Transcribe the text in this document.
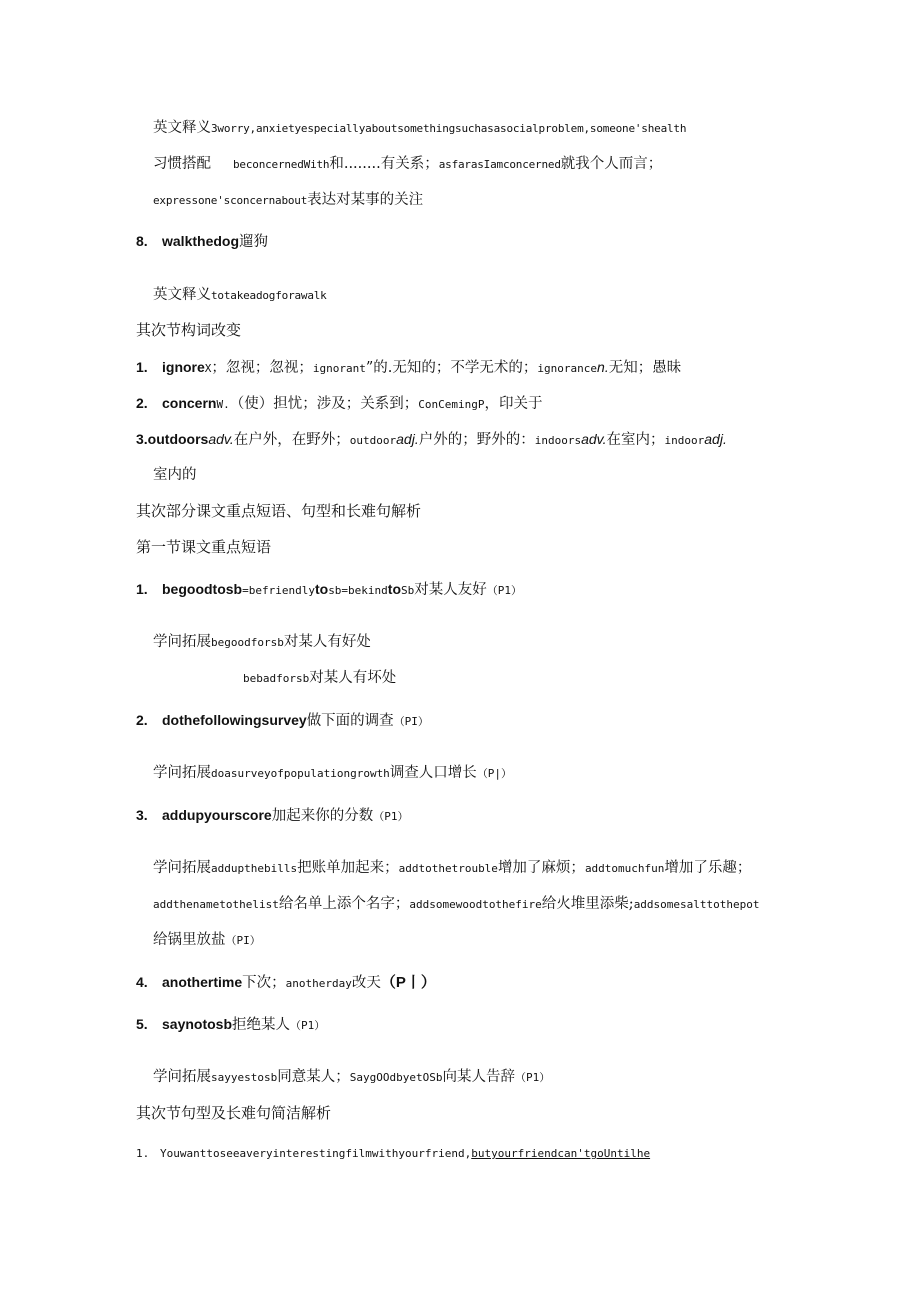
英文释义3worry,anxietyespeciallyaboutsomethingsuchasasocialproblem,someone'shealth
习惯搭配 beconcernedWith和........有关系；asfarasIamconcerned就我个人而言；
expressone'sconcernabout表达对某事的关注
8. walkthedog遛狗
英文释义totakeadogforawalk
其次节构词改变
1. ignoreX；忽视；忽视；ignorant”的.无知的；不学无术的；ignorancen.无知；愚昧
2. concernW.（使）担忧；涉及；关系到；ConCemingP，印关于
3.outdoorsadv.在户外，在野外；outdooradj.户外的；野外的：indoorsadv.在室内；indooradj.
室内的
其次部分课文重点短语、句型和长难句解析
第一节课文重点短语
1. begoodtosb=befriendlytosb=bekindtoSb对某人友好（P1）
学问拓展begoodforsb对某人有好处
bebadforsb对某人有坏处
2. dothefollowingsurvey做下面的调查（PI）
学问拓展doasurveyofpopulationgrowth调查人口增长（P|）
3. addupyourscore加起来你的分数（P1）
学问拓展addupthebills把账单加起来；addtothetrouble增加了麻烦；addtomuchfun增加了乐趣；
addthenametothelist给名单上添个名字；addsomewoodtothefire给火堆里添柴;addsomesalttothepot
给锅里放盐（PI）
4. anothertime下次；anotherday改天（P丨）
5. saynotosb拒绝某人（P1）
学问拓展sayyestosb同意某人；SaygOOdbyetOSb向某人告辞（P1）
其次节句型及长难句简洁解析
1. Youwanttoseeaveryinterestingfilmwithyourfriend,butyourfriendcan'tgoUntilhe
